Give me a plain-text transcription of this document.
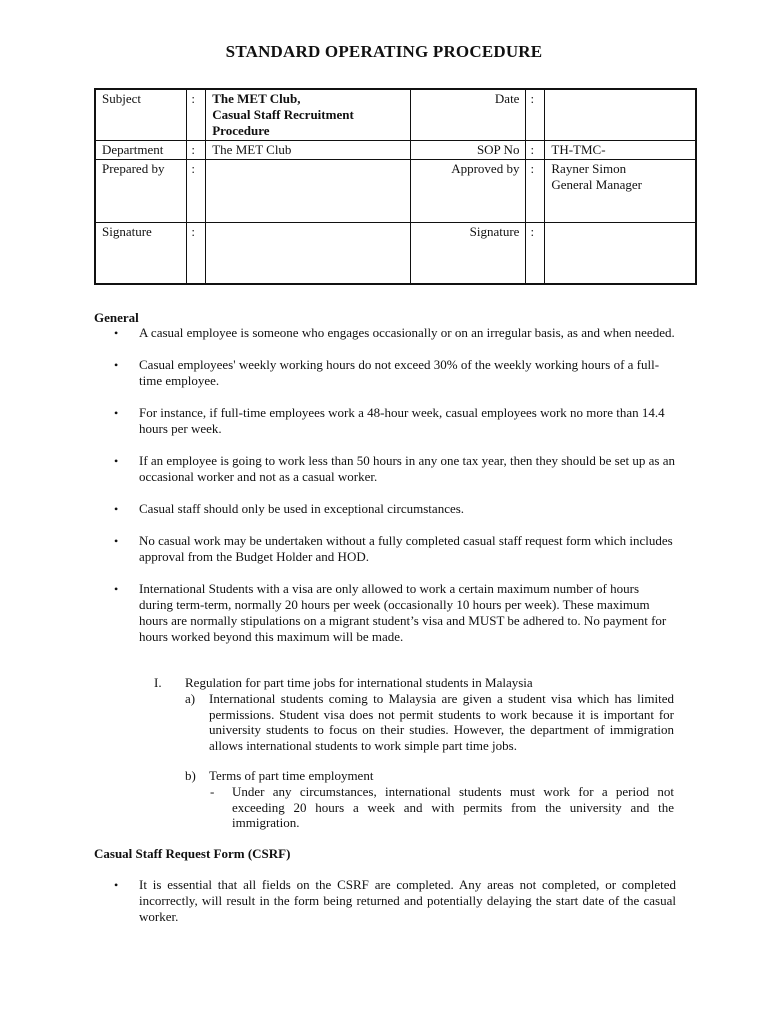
STANDARD OPERATING PROCEDURE
Subject	:	The MET Club,
Casual Staff Recruitment
Procedure	Date	:	
Department	:	The MET Club	SOP No	:	TH-TMC-
Prepared by	:		Approved by	:	Rayner Simon
General Manager

Signature	:		Signature	:	
General
• A casual employee is someone who engages occasionally or on an irregular basis, as and when needed.
• Casual employees' weekly working hours do not exceed 30% of the weekly working hours of a full-time employee.
• For instance, if full-time employees work a 48-hour week, casual employees work no more than 14.4 hours per week.
• If an employee is going to work less than 50 hours in any one tax year, then they should be set up as an occasional worker and not as a casual worker.
• Casual staff should only be used in exceptional circumstances.
• No casual work may be undertaken without a fully completed casual staff request form which includes approval from the Budget Holder and HOD.
• International Students with a visa are only allowed to work a certain maximum number of hours during term-term, normally 20 hours per week (occasionally 10 hours per week). These maximum hours are normally stipulations on a migrant student’s visa and MUST be adhered to. No payment for hours worked beyond this maximum will be made.
I. Regulation for part time jobs for international students in Malaysia
a) International students coming to Malaysia are given a student visa which has limited permissions. Student visa does not permit students to work because it is important for university students to focus on their studies. However, the department of immigration allows international students to work simple part time jobs.
b) Terms of part time employment
- Under any circumstances, international students must work for a period not exceeding 20 hours a week and with permits from the university and the immigration.
Casual Staff Request Form (CSRF)
• It is essential that all fields on the CSRF are completed. Any areas not completed, or completed incorrectly, will result in the form being returned and potentially delaying the start date of the casual worker.
